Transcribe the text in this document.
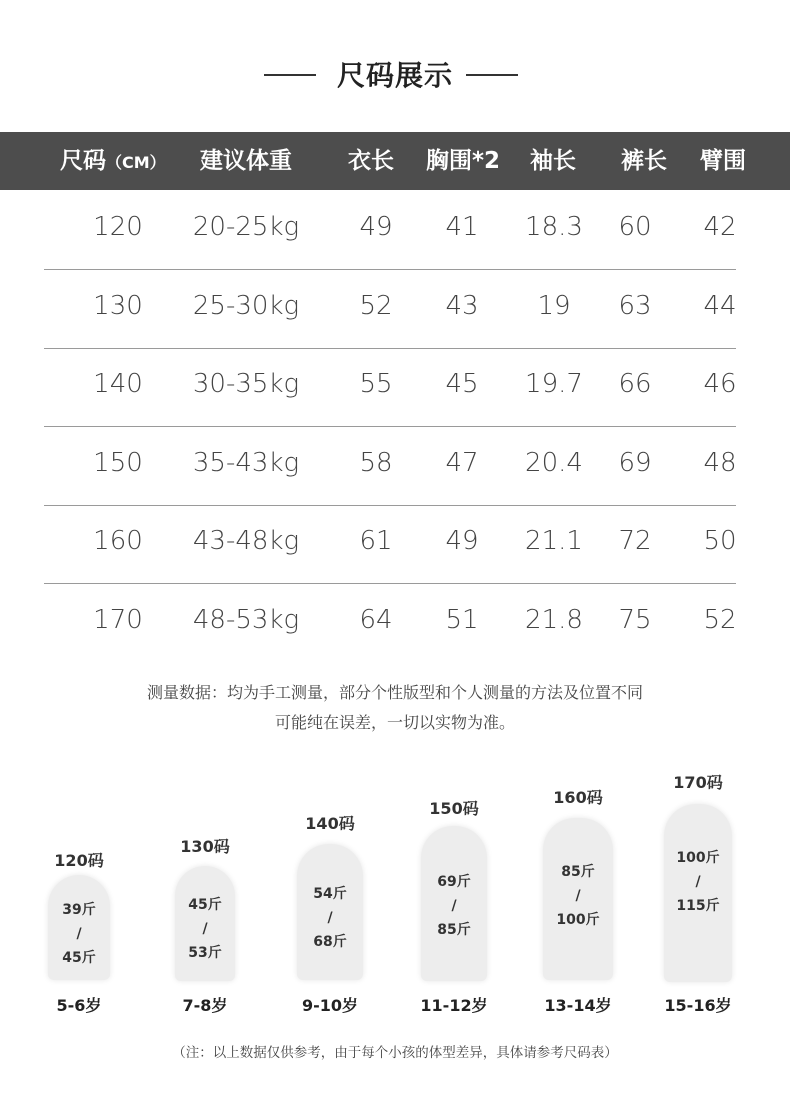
尺码展示
尺码（CM） 建议体重 衣长 胸围*2 袖长 裤长 臂围
120	20-25kg	49	41	18.3	60	42
130	25-30kg	52	43	19	63	44
140	30-35kg	55	45	19.7	66	46
150	35-43kg	58	47	20.4	69	48
160	43-48kg	61	49	21.1	72	50
170	48-53kg	64	51	21.8	75	52
测量数据：均为手工测量，部分个性版型和个人测量的方法及位置不同
可能纯在误差，一切以实物为准。
120码
39斤
/
45斤
5-6岁
130码
45斤
/
53斤
7-8岁
140码
54斤
/
68斤
9-10岁
150码
69斤
/
85斤
11-12岁
160码
85斤
/
100斤
13-14岁
170码
100斤
/
115斤
15-16岁
（注：以上数据仅供参考，由于每个小孩的体型差异，具体请参考尺码表）
